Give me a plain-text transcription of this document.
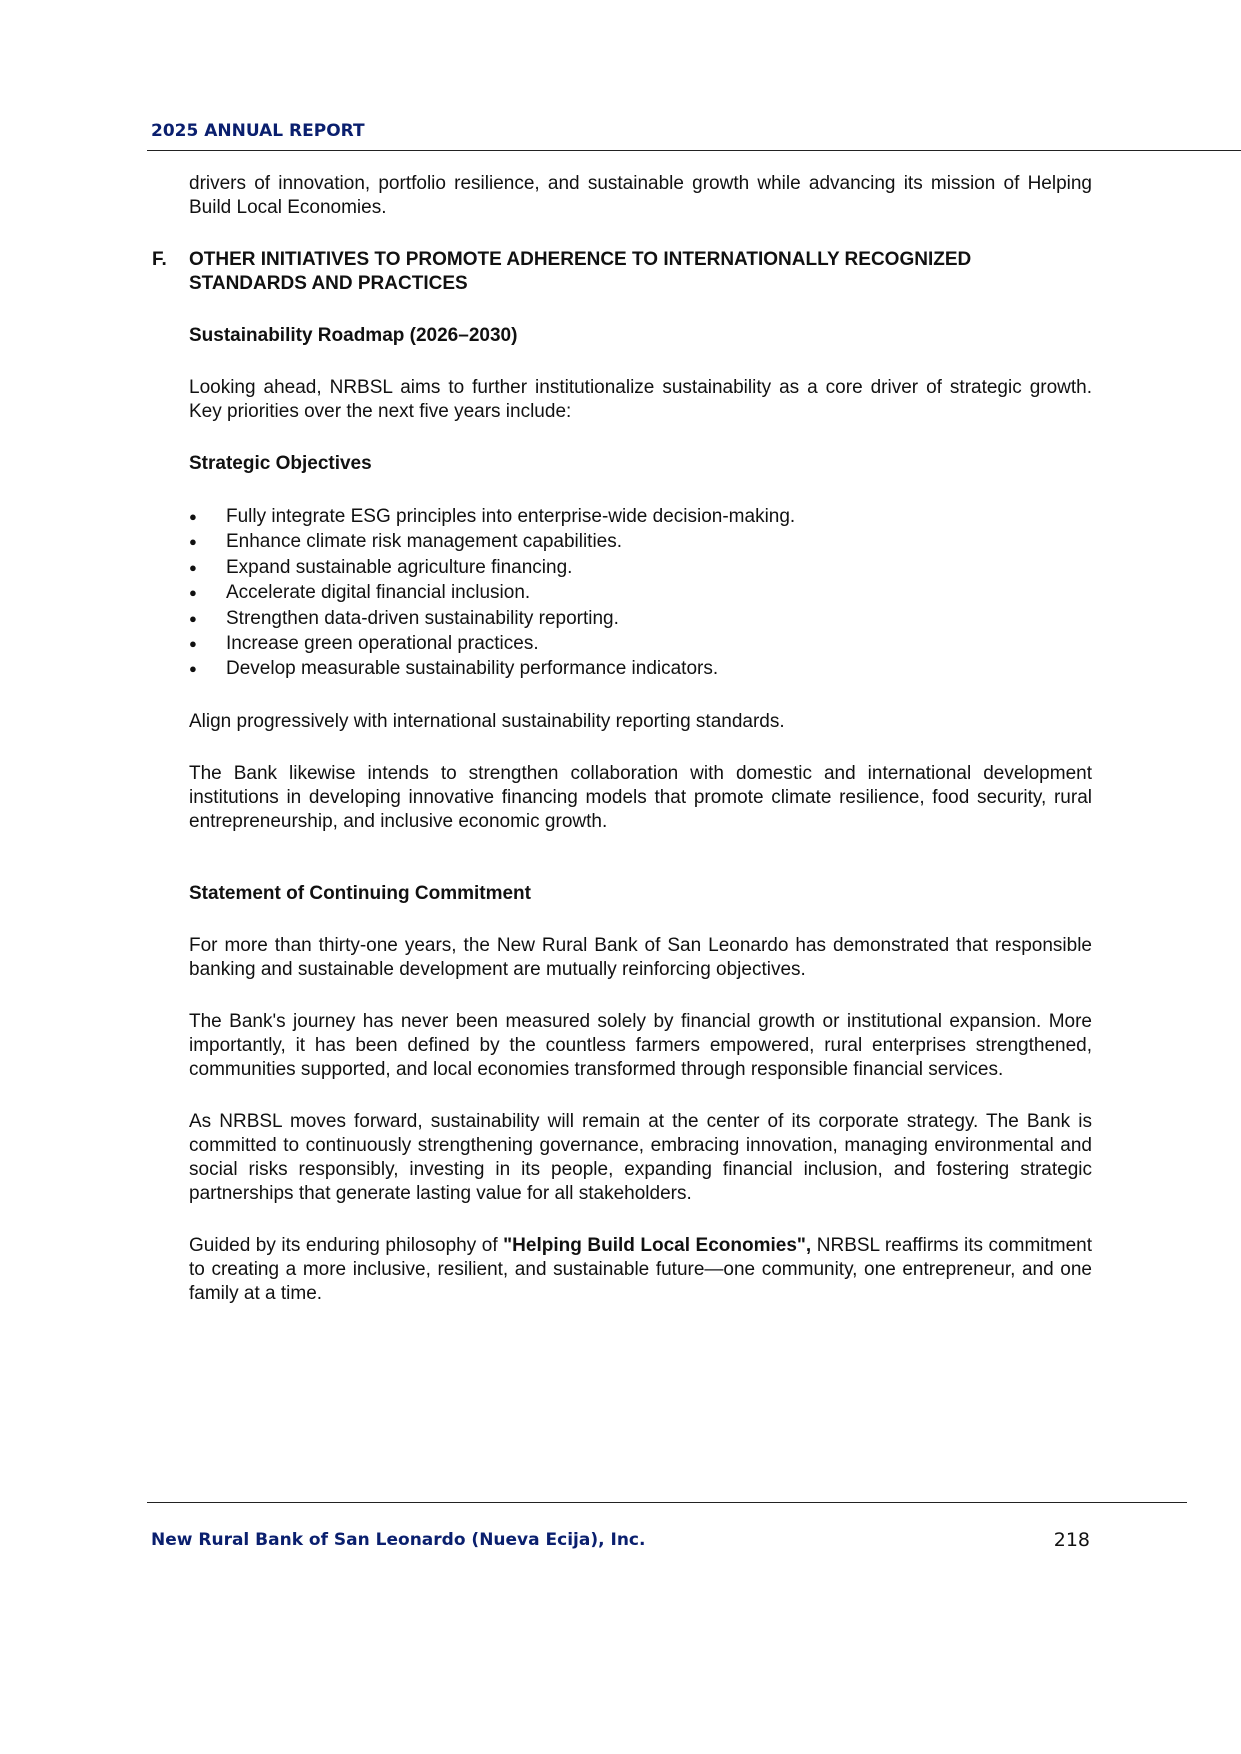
2025 ANNUAL REPORT

drivers of innovation, portfolio resilience, and sustainable growth while advancing its mission of Helping Build Local Economies.

F.	OTHER INITIATIVES TO PROMOTE ADHERENCE TO INTERNATIONALLY RECOGNIZED STANDARDS AND PRACTICES
Sustainability Roadmap (2026–2030)

Looking ahead, NRBSL aims to further institutionalize sustainability as a core driver of strategic growth. Key priorities over the next five years include:

Strategic Objectives
●	Fully integrate ESG principles into enterprise-wide decision-making.
●	Enhance climate risk management capabilities.
●	Expand sustainable agriculture financing.
●	Accelerate digital financial inclusion.
●	Strengthen data-driven sustainability reporting.
●	Increase green operational practices.
●	Develop measurable sustainability performance indicators.

Align progressively with international sustainability reporting standards.

The Bank likewise intends to strengthen collaboration with domestic and international development institutions in developing innovative financing models that promote climate resilience, food security, rural entrepreneurship, and inclusive economic growth.

Statement of Continuing Commitment

For more than thirty-one years, the New Rural Bank of San Leonardo has demonstrated that responsible banking and sustainable development are mutually reinforcing objectives.

The Bank's journey has never been measured solely by financial growth or institutional expansion. More importantly, it has been defined by the countless farmers empowered, rural enterprises strengthened, communities supported, and local economies transformed through responsible financial services.

As NRBSL moves forward, sustainability will remain at the center of its corporate strategy. The Bank is committed to continuously strengthening governance, embracing innovation, managing environmental and social risks responsibly, investing in its people, expanding financial inclusion, and fostering strategic partnerships that generate lasting value for all stakeholders.

Guided by its enduring philosophy of "Helping Build Local Economies", NRBSL reaffirms its commitment to creating a more inclusive, resilient, and sustainable future—one community, one entrepreneur, and one family at a time.

New Rural Bank of San Leonardo (Nueva Ecija), Inc.	218
